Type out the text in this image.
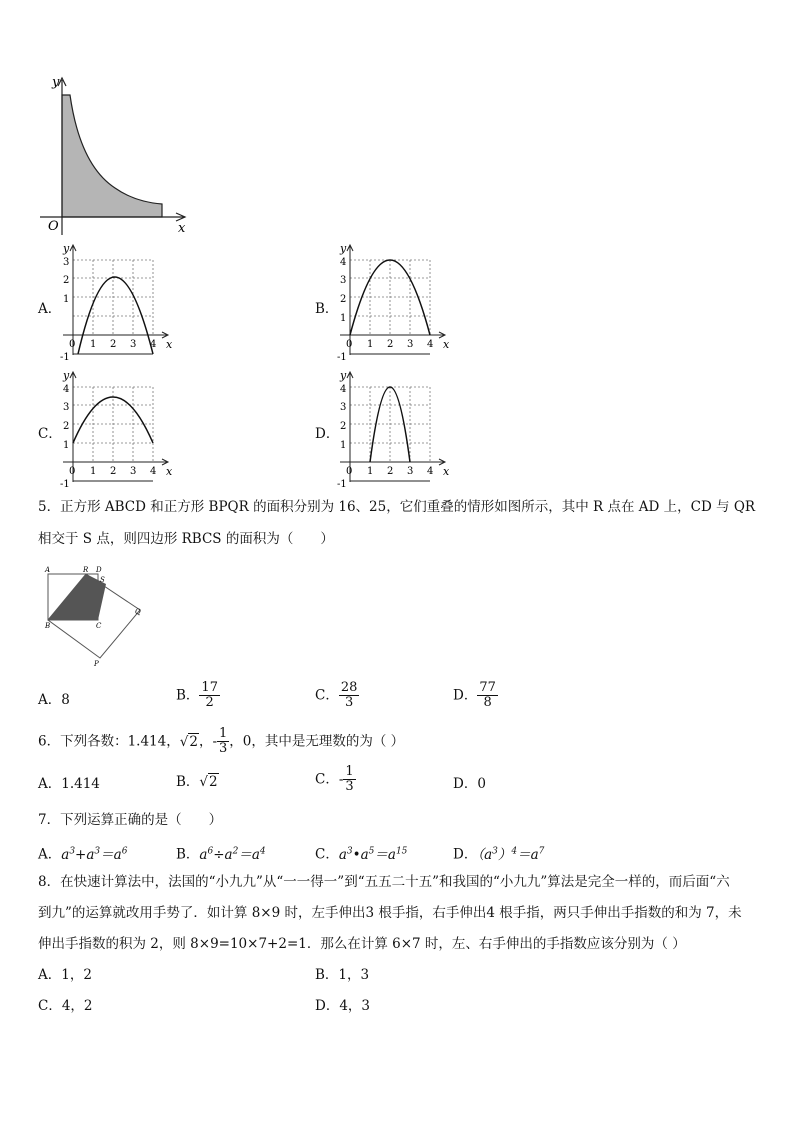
y
x
O
A．	B．
C．	D．
y
x
3
2
1
0 1 2 3 4
-1
y
x
4
3
2
1
0 1 2 3 4
-1
y
x
4
3
2
1
0 1 2 3 4
-1
y
x
4
3
2
1
0 1 2 3 4
-1
5．正方形 ABCD 和正方形 BPQR 的面积分别为 16、25，它们重叠的情形如图所示，其中 R 点在 AD 上，CD 与 QR
相交于 S 点，则四边形 RBCS 的面积为（　　）
A	R D
S
Q
B	C
P
A．8	B． $\frac{17}{2}$	C． $\frac{28}{3}$	D． $\frac{77}{8}$
6．下列各数：1.414，√2，- $\frac{1}{3}$ ，0，其中是无理数的为（ ）
A．1.414	B．√2	C．- $\frac{1}{3}$	D．0
7．下列运算正确的是（　　）
A．$a^3+a^3=a^6$	B．$a^6\div a^2=a^4$	C．$a^3•a^5=a^{15}$	D．$(a^3)^4=a^7$
8．在快速计算法中，法国的“小九九”从“一一得一”到“五五二十五”和我国的“小九九”算法是完全一样的，而后面“六
到九”的运算就改用手势了．如计算 8×9 时，左手伸出3 根手指，右手伸出4 根手指，两只手伸出手指数的和为 7，未
伸出手指数的积为 2，则 8×9=10×7+2=1．那么在计算 6×7 时，左、右手伸出的手指数应该分别为（ ）
A．1，2	B．1，3
C．4，2	D．4，3
